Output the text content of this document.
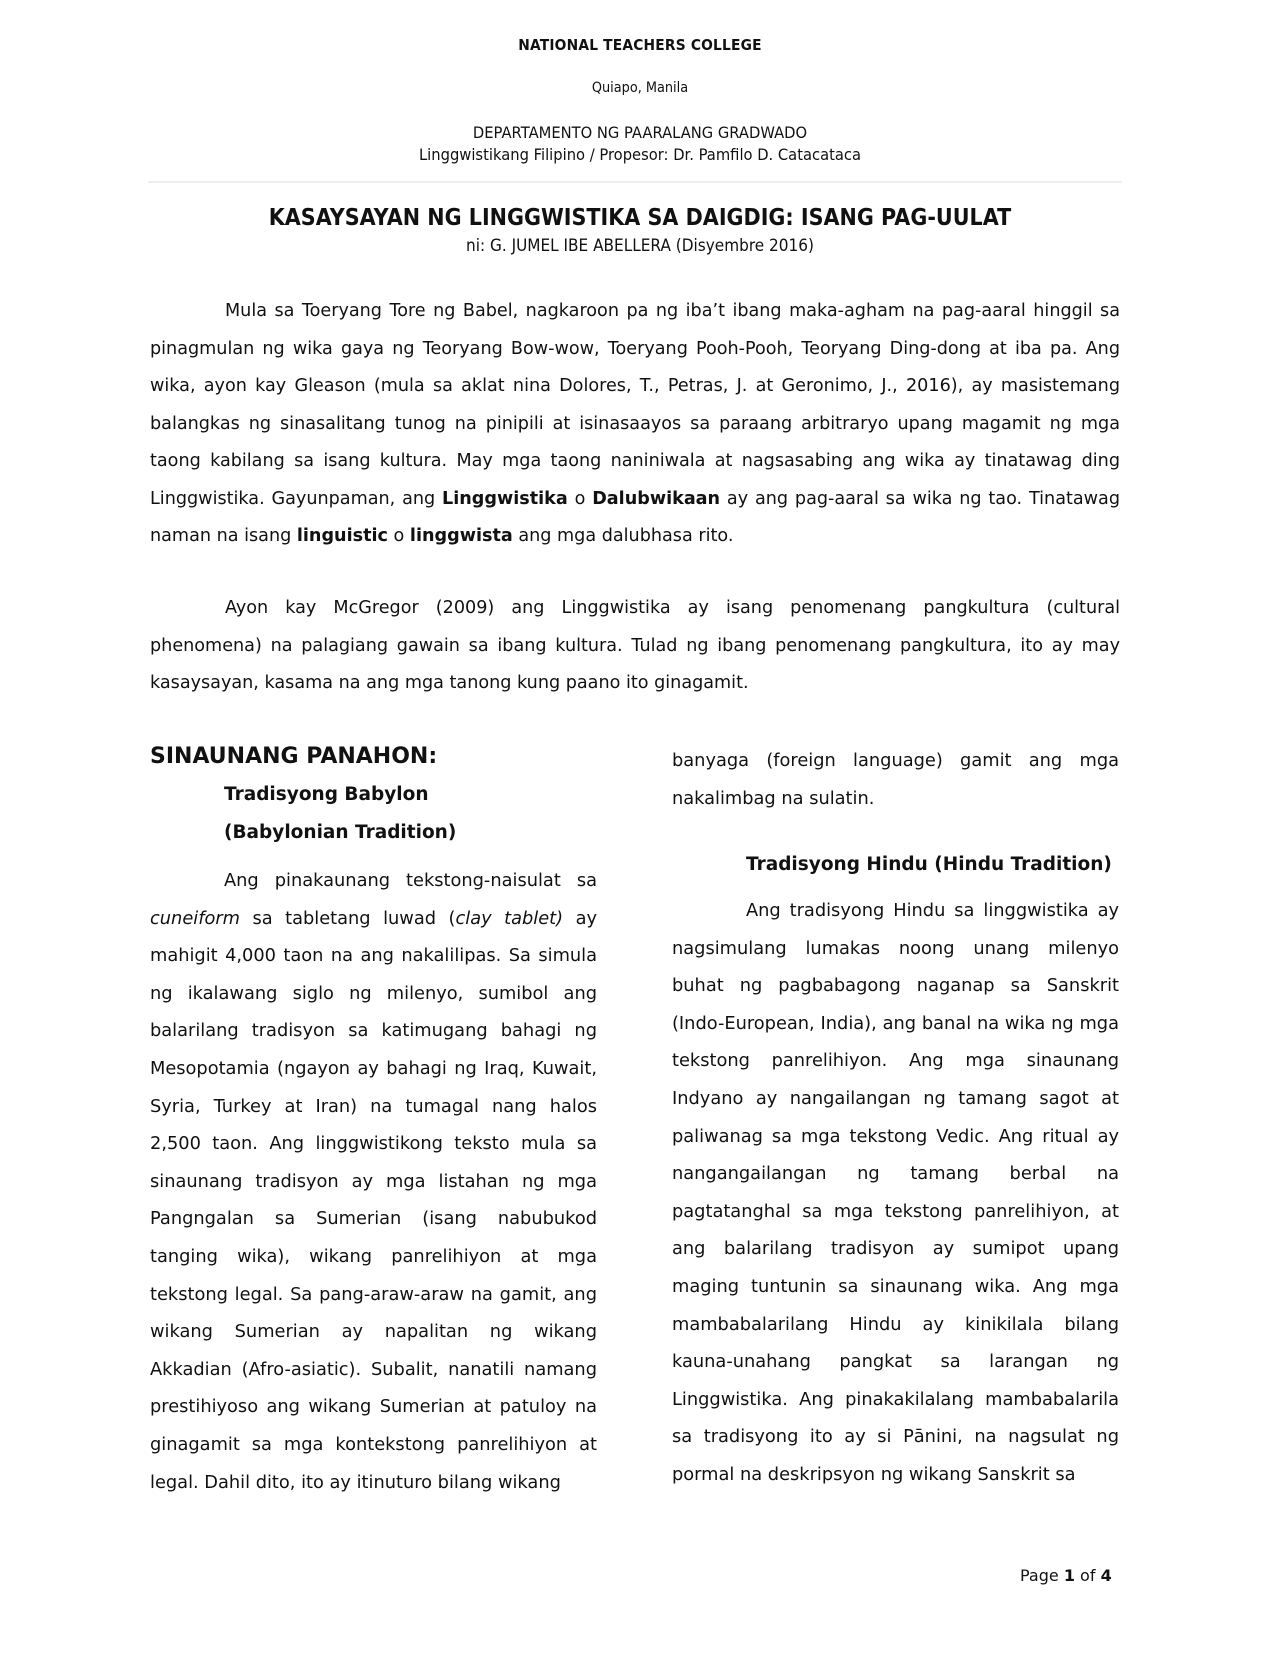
NATIONAL TEACHERS COLLEGE
Quiapo, Manila
DEPARTAMENTO NG PAARALANG GRADWADO
Linggwistikang Filipino / Propesor: Dr. Pamfilo D. Catacataca
KASAYSAYAN NG LINGGWISTIKA SA DAIGDIG: ISANG PAG-UULAT
ni: G. JUMEL IBE ABELLERA (Disyembre 2016)

Mula sa Toeryang Tore ng Babel, nagkaroon pa ng iba’t ibang maka-agham na pag-aaral hinggil sa pinagmulan ng wika gaya ng Teoryang Bow-wow, Toeryang Pooh-Pooh, Teoryang Ding-dong at iba pa. Ang wika, ayon kay Gleason (mula sa aklat nina Dolores, T., Petras, J. at Geronimo, J., 2016), ay masistemang balangkas ng sinasalitang tunog na pinipili at isinasaayos sa paraang arbitraryo upang magamit ng mga taong kabilang sa isang kultura. May mga taong naniniwala at nagsasabing ang wika ay tinatawag ding Linggwistika. Gayunpaman, ang Linggwistika o Dalubwikaan ay ang pag-aaral sa wika ng tao. Tinatawag naman na isang linguistic o linggwista ang mga dalubhasa rito.

Ayon kay McGregor (2009) ang Linggwistika ay isang penomenang pangkultura (cultural phenomena) na palagiang gawain sa ibang kultura. Tulad ng ibang penomenang pangkultura, ito ay may kasaysayan, kasama na ang mga tanong kung paano ito ginagamit.

SINAUNANG PANAHON:
Tradisyong Babylon
(Babylonian Tradition)

Ang pinakaunang tekstong-naisulat sa cuneiform sa tabletang luwad (clay tablet) ay mahigit 4,000 taon na ang nakalilipas. Sa simula ng ikalawang siglo ng milenyo, sumibol ang balarilang tradisyon sa katimugang bahagi ng Mesopotamia (ngayon ay bahagi ng Iraq, Kuwait, Syria, Turkey at Iran) na tumagal nang halos 2,500 taon. Ang linggwistikong teksto mula sa sinaunang tradisyon ay mga listahan ng mga Pangngalan sa Sumerian (isang nabubukod tanging wika), wikang panrelihiyon at mga tekstong legal. Sa pang-araw-araw na gamit, ang wikang Sumerian ay napalitan ng wikang Akkadian (Afro-asiatic). Subalit, nanatili namang prestihiyoso ang wikang Sumerian at patuloy na ginagamit sa mga kontekstong panrelihiyon at legal. Dahil dito, ito ay itinuturo bilang wikang

banyaga (foreign language) gamit ang mga nakalimbag na sulatin.

Tradisyong Hindu (Hindu Tradition)

Ang tradisyong Hindu sa linggwistika ay nagsimulang lumakas noong unang milenyo buhat ng pagbabagong naganap sa Sanskrit (Indo-European, India), ang banal na wika ng mga tekstong panrelihiyon. Ang mga sinaunang Indyano ay nangailangan ng tamang sagot at paliwanag sa mga tekstong Vedic. Ang ritual ay nangangailangan ng tamang berbal na pagtatanghal sa mga tekstong panrelihiyon, at ang balarilang tradisyon ay sumipot upang maging tuntunin sa sinaunang wika. Ang mga mambabalarilang Hindu ay kinikilala bilang kauna-unahang pangkat sa larangan ng Linggwistika. Ang pinakakilalang mambabalarila sa tradisyong ito ay si Pānini, na nagsulat ng pormal na deskripsyon ng wikang Sanskrit sa

Page 1 of 4
